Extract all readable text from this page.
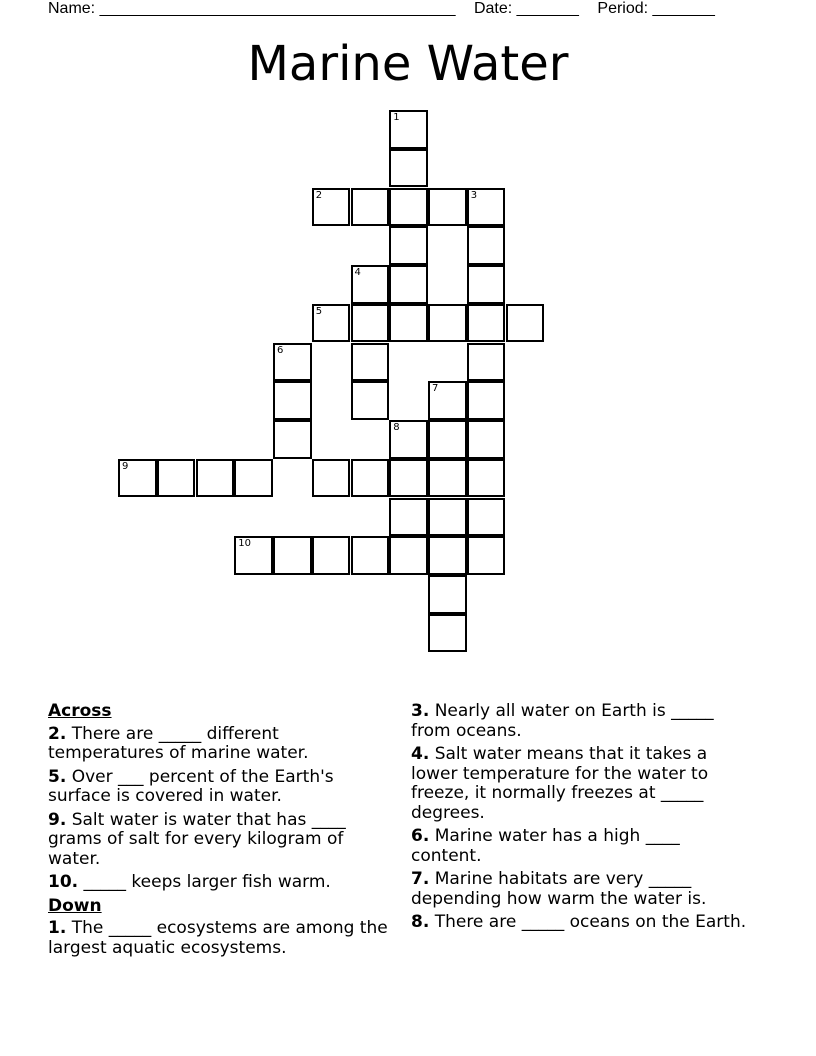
Name: ________________________________________ Date: _______ Period: _______
Marine Water
1
2	3
4
5
6
7
8
9
10
Across
2. There are _____ different temperatures of marine water.
5. Over ___ percent of the Earth's surface is covered in water.
9. Salt water is water that has ____ grams of salt for every kilogram of water.
10. _____ keeps larger fish warm.
Down
1. The _____ ecosystems are among the largest aquatic ecosystems.
3. Nearly all water on Earth is _____ from oceans.
4. Salt water means that it takes a lower temperature for the water to freeze, it normally freezes at _____ degrees.
6. Marine water has a high ____ content.
7. Marine habitats are very _____ depending how warm the water is.
8. There are _____ oceans on the Earth.
